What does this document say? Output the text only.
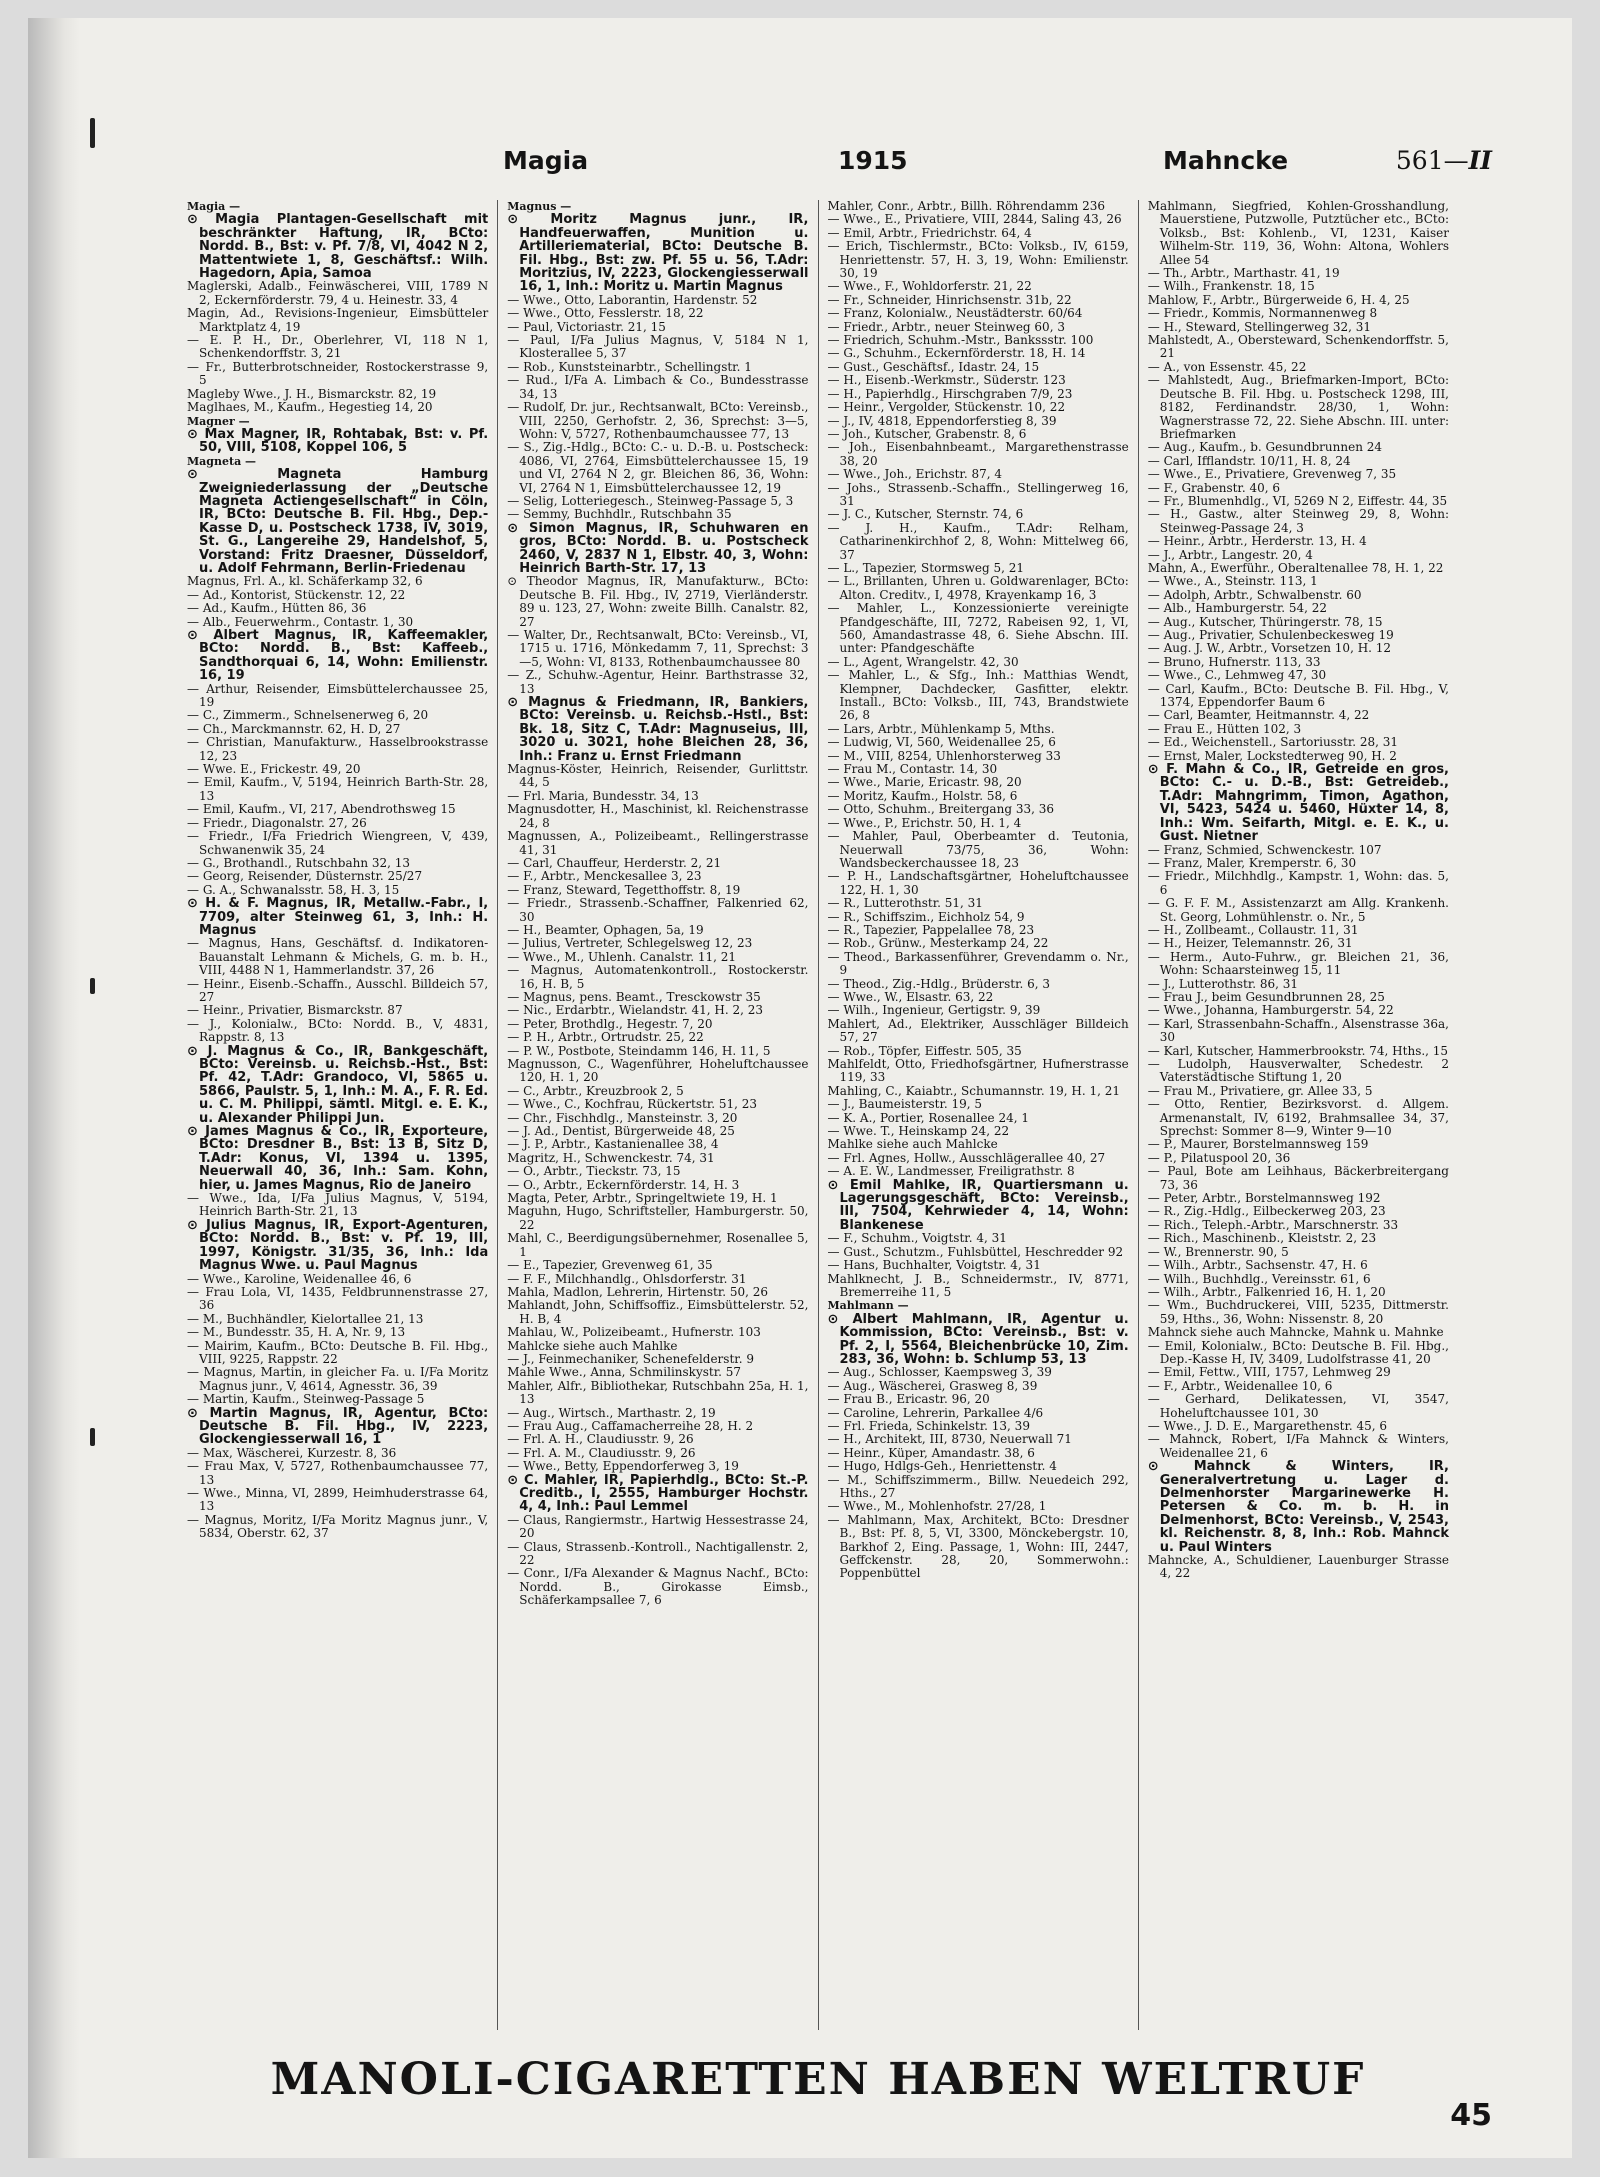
Magia	1915	Mahncke	561—II

Magia —

⊙ Magia Plantagen-Gesellschaft mit beschränkter Haftung, IR, BCto: Nordd. B., Bst: v. Pf. 7/8, VI, 4042 N 2, Mattentwiete 1, 8, Geschäftsf.: Wilh. Hagedorn, Apia, Samoa

Maglerski, Adalb., Feinwäscherei, VIII, 1789 N 2, Eckernförderstr. 79, 4 u. Heinestr. 33, 4

Magin, Ad., Revisions-Ingenieur, Eimsbütteler Marktplatz 4, 19

— E. P. H., Dr., Oberlehrer, VI, 118 N 1, Schenkendorffstr. 3, 21

— Fr., Butterbrotschneider, Rostockerstrasse 9, 5

Magleby Wwe., J. H., Bismarckstr. 82, 19

Maglhaes, M., Kaufm., Hegestieg 14, 20

Magner —

⊙ Max Magner, IR, Rohtabak, Bst: v. Pf. 50, VIII, 5108, Koppel 106, 5

Magneta —

⊙ Magneta Hamburg Zweigniederlassung der „Deutsche Magneta Actiengesellschaft“ in Cöln, IR, BCto: Deutsche B. Fil. Hbg., Dep.-Kasse D, u. Postscheck 1738, IV, 3019, St. G., Langereihe 29, Handelshof, 5, Vorstand: Fritz Draesner, Düsseldorf, u. Adolf Fehrmann, Berlin-Friedenau

Magnus, Frl. A., kl. Schäferkamp 32, 6

— Ad., Kontorist, Stückenstr. 12, 22

— Ad., Kaufm., Hütten 86, 36

— Alb., Feuerwehrm., Contastr. 1, 30

⊙ Albert Magnus, IR, Kaffeemakler, BCto: Nordd. B., Bst: Kaffeeb., Sandthorquai 6, 14, Wohn: Emilienstr. 16, 19

— Arthur, Reisender, Eimsbüttelerchaussee 25, 19

— C., Zimmerm., Schnelsenerweg 6, 20

— Ch., Marckmannstr. 62, H. D, 27

— Christian, Manufakturw., Hasselbrookstrasse 12, 23

— Wwe. E., Frickestr. 49, 20

— Emil, Kaufm., V, 5194, Heinrich Barth-Str. 28, 13

— Emil, Kaufm., VI, 217, Abendrothsweg 15

— Friedr., Diagonalstr. 27, 26

— Friedr., I/Fa Friedrich Wiengreen, V, 439, Schwanenwik 35, 24

— G., Brothandl., Rutschbahn 32, 13

— Georg, Reisender, Düsternstr. 25/27

— G. A., Schwanalsstr. 58, H. 3, 15

⊙ H. & F. Magnus, IR, Metallw.-Fabr., I, 7709, alter Steinweg 61, 3, Inh.: H. Magnus

— Magnus, Hans, Geschäftsf. d. Indikatoren-Bauanstalt Lehmann & Michels, G. m. b. H., VIII, 4488 N 1, Hammerlandstr. 37, 26

— Heinr., Eisenb.-Schaffn., Ausschl. Billdeich 57, 27

— Heinr., Privatier, Bismarckstr. 87

— J., Kolonialw., BCto: Nordd. B., V, 4831, Rappstr. 8, 13

⊙ J. Magnus & Co., IR, Bankgeschäft, BCto: Vereinsb. u. Reichsb.-Hst., Bst: Pf. 42, T.Adr: Grandoco, VI, 5865 u. 5866, Paulstr. 5, 1, Inh.: M. A., F. R. Ed. u. C. M. Philippi, sämtl. Mitgl. e. E. K., u. Alexander Philippi Jun.

⊙ James Magnus & Co., IR, Exporteure, BCto: Dresdner B., Bst: 13 B, Sitz D, T.Adr: Konus, VI, 1394 u. 1395, Neuerwall 40, 36, Inh.: Sam. Kohn, hier, u. James Magnus, Rio de Janeiro

— Wwe., Ida, I/Fa Julius Magnus, V, 5194, Heinrich Barth-Str. 21, 13

⊙ Julius Magnus, IR, Export-Agenturen, BCto: Nordd. B., Bst: v. Pf. 19, III, 1997, Königstr. 31/35, 36, Inh.: Ida Magnus Wwe. u. Paul Magnus

— Wwe., Karoline, Weidenallee 46, 6

— Frau Lola, VI, 1435, Feldbrunnenstrasse 27, 36

— M., Buchhändler, Kielortallee 21, 13

— M., Bundesstr. 35, H. A, Nr. 9, 13

— Mairim, Kaufm., BCto: Deutsche B. Fil. Hbg., VIII, 9225, Rappstr. 22

— Magnus, Martin, in gleicher Fa. u. I/Fa Moritz Magnus junr., V, 4614, Agnesstr. 36, 39

— Martin, Kaufm., Steinweg-Passage 5

⊙ Martin Magnus, IR, Agentur, BCto: Deutsche B. Fil. Hbg., IV, 2223, Glockengiesserwall 16, 1

— Max, Wäscherei, Kurzestr. 8, 36

— Frau Max, V, 5727, Rothenbaumchaussee 77, 13

— Wwe., Minna, VI, 2899, Heimhuderstrasse 64, 13

— Magnus, Moritz, I/Fa Moritz Magnus junr., V, 5834, Oberstr. 62, 37

Magnus —

⊙ Moritz Magnus junr., IR, Handfeuerwaffen, Munition u. Artilleriematerial, BCto: Deutsche B. Fil. Hbg., Bst: zw. Pf. 55 u. 56, T.Adr: Moritzius, IV, 2223, Glockengiesserwall 16, 1, Inh.: Moritz u. Martin Magnus

— Wwe., Otto, Laborantin, Hardenstr. 52

— Wwe., Otto, Fesslerstr. 18, 22

— Paul, Victoriastr. 21, 15

— Paul, I/Fa Julius Magnus, V, 5184 N 1, Klosterallee 5, 37

— Rob., Kunststeinarbtr., Schellingstr. 1

— Rud., I/Fa A. Limbach & Co., Bundesstrasse 34, 13

— Rudolf, Dr. jur., Rechtsanwalt, BCto: Vereinsb., VIII, 2250, Gerhofstr. 2, 36, Sprechst: 3—5, Wohn: V, 5727, Rothenbaumchaussee 77, 13

— S., Zig.-Hdlg., BCto: C.- u. D.-B. u. Postscheck: 4086, VI, 2764, Eimsbüttelerchaussee 15, 19 und VI, 2764 N 2, gr. Bleichen 86, 36, Wohn: VI, 2764 N 1, Eimsbüttelerchaussee 12, 19

— Selig, Lotteriegesch., Steinweg-Passage 5, 3

— Semmy, Buchhdlr., Rutschbahn 35

⊙ Simon Magnus, IR, Schuhwaren en gros, BCto: Nordd. B. u. Postscheck 2460, V, 2837 N 1, Elbstr. 40, 3, Wohn: Heinrich Barth-Str. 17, 13

⊙ Theodor Magnus, IR, Manufakturw., BCto: Deutsche B. Fil. Hbg., IV, 2719, Vierländerstr. 89 u. 123, 27, Wohn: zweite Billh. Canalstr. 82, 27

— Walter, Dr., Rechtsanwalt, BCto: Vereinsb., VI, 1715 u. 1716, Mönkedamm 7, 11, Sprechst: 3—5, Wohn: VI, 8133, Rothenbaumchaussee 80

— Z., Schuhw.-Agentur, Heinr. Barthstrasse 32, 13

⊙ Magnus & Friedmann, IR, Bankiers, BCto: Vereinsb. u. Reichsb.-Hstl., Bst: Bk. 18, Sitz C, T.Adr: Magnuseius, III, 3020 u. 3021, hohe Bleichen 28, 36, Inh.: Franz u. Ernst Friedmann

Magnus-Köster, Heinrich, Reisender, Gurlittstr. 44, 5

— Frl. Maria, Bundesstr. 34, 13

Magnusdotter, H., Maschinist, kl. Reichenstrasse 24, 8

Magnussen, A., Polizeibeamt., Rellingerstrasse 41, 31

— Carl, Chauffeur, Herderstr. 2, 21

— F., Arbtr., Menckesallee 3, 23

— Franz, Steward, Tegetthoffstr. 8, 19

— Friedr., Strassenb.-Schaffner, Falkenried 62, 30

— H., Beamter, Ophagen, 5a, 19

— Julius, Vertreter, Schlegelsweg 12, 23

— Wwe., M., Uhlenh. Canalstr. 11, 21

— Magnus, Automatenkontroll., Rostockerstr. 16, H. B, 5

— Magnus, pens. Beamt., Tresckowstr 35

— Nic., Erdarbtr., Wielandstr. 41, H. 2, 23

— Peter, Brothdlg., Hegestr. 7, 20

— P. H., Arbtr., Ortrudstr. 25, 22

— P. W., Postbote, Steindamm 146, H. 11, 5

Magnusson, C., Wagenführer, Hoheluftchaussee 120, H. 1, 20

— C., Arbtr., Kreuzbrook 2, 5

— Wwe., C., Kochfrau, Rückertstr. 51, 23

— Chr., Fischhdlg., Mansteinstr. 3, 20

— J. Ad., Dentist, Bürgerweide 48, 25

— J. P., Arbtr., Kastanienallee 38, 4

Magritz, H., Schwenckestr. 74, 31

— O., Arbtr., Tieckstr. 73, 15

— O., Arbtr., Eckernförderstr. 14, H. 3

Magta, Peter, Arbtr., Springeltwiete 19, H. 1

Maguhn, Hugo, Schriftsteller, Hamburgerstr. 50, 22

Mahl, C., Beerdigungsübernehmer, Rosenallee 5, 1

— E., Tapezier, Grevenweg 61, 35

— F. F., Milchhandlg., Ohlsdorferstr. 31

Mahla, Madlon, Lehrerin, Hirtenstr. 50, 26

Mahlandt, John, Schiffsoffiz., Eimsbüttelerstr. 52, H. B, 4

Mahlau, W., Polizeibeamt., Hufnerstr. 103

Mahlcke siehe auch Mahlke

— J., Feinmechaniker, Schenefelderstr. 9

Mahle Wwe., Anna, Schmilinskystr. 57

Mahler, Alfr., Bibliothekar, Rutschbahn 25a, H. 1, 13

— Aug., Wirtsch., Marthastr. 2, 19

— Frau Aug., Caffamacherreihe 28, H. 2

— Frl. A. H., Claudiusstr. 9, 26

— Frl. A. M., Claudiusstr. 9, 26

— Wwe., Betty, Eppendorferweg 3, 19

⊙ C. Mahler, IR, Papierhdlg., BCto: St.-P. Creditb., I, 2555, Hamburger Hochstr. 4, 4, Inh.: Paul Lemmel

— Claus, Rangiermstr., Hartwig Hessestrasse 24, 20

— Claus, Strassenb.-Kontroll., Nachtigallenstr. 2, 22

— Conr., I/Fa Alexander & Magnus Nachf., BCto: Nordd. B., Girokasse Eimsb., Schäferkampsallee 7, 6

Mahler, Conr., Arbtr., Billh. Röhrendamm 236

— Wwe., E., Privatiere, VIII, 2844, Saling 43, 26

— Emil, Arbtr., Friedrichstr. 64, 4

— Erich, Tischlermstr., BCto: Volksb., IV, 6159, Henriettenstr. 57, H. 3, 19, Wohn: Emilienstr. 30, 19

— Wwe., F., Wohldorferstr. 21, 22

— Fr., Schneider, Hinrichsenstr. 31b, 22

— Franz, Kolonialw., Neustädterstr. 60/64

— Friedr., Arbtr., neuer Steinweg 60, 3

— Friedrich, Schuhm.-Mstr., Bankssstr. 100

— G., Schuhm., Eckernförderstr. 18, H. 14

— Gust., Geschäftsf., Idastr. 24, 15

— H., Eisenb.-Werkmstr., Süderstr. 123

— H., Papierhdlg., Hirschgraben 7/9, 23

— Heinr., Vergolder, Stückenstr. 10, 22

— J., IV, 4818, Eppendorferstieg 8, 39

— Joh., Kutscher, Grabenstr. 8, 6

— Joh., Eisenbahnbeamt., Margarethenstrasse 38, 20

— Wwe., Joh., Erichstr. 87, 4

— Johs., Strassenb.-Schaffn., Stellingerweg 16, 31

— J. C., Kutscher, Sternstr. 74, 6

— J. H., Kaufm., T.Adr: Relham, Catharinenkirchhof 2, 8, Wohn: Mittelweg 66, 37

— L., Tapezier, Stormsweg 5, 21

— L., Brillanten, Uhren u. Goldwarenlager, BCto: Alton. Creditv., I, 4978, Krayenkamp 16, 3

— Mahler, L., Konzessionierte vereinigte Pfandgeschäfte, III, 7272, Rabeisen 92, 1, VI, 560, Amandastrasse 48, 6. Siehe Abschn. III. unter: Pfandgeschäfte

— L., Agent, Wrangelstr. 42, 30

— Mahler, L., & Sfg., Inh.: Matthias Wendt, Klempner, Dachdecker, Gasfitter, elektr. Install., BCto: Volksb., III, 743, Brandstwiete 26, 8

— Lars, Arbtr., Mühlenkamp 5, Mths.

— Ludwig, VI, 560, Weidenallee 25, 6

— M., VIII, 8254, Uhlenhorsterweg 33

— Frau M., Contastr. 14, 30

— Wwe., Marie, Ericastr. 98, 20

— Moritz, Kaufm., Holstr. 58, 6

— Otto, Schuhm., Breitergang 33, 36

— Wwe., P., Erichstr. 50, H. 1, 4

— Mahler, Paul, Oberbeamter d. Teutonia, Neuerwall 73/75, 36, Wohn: Wandsbeckerchaussee 18, 23

— P. H., Landschaftsgärtner, Hoheluftchaussee 122, H. 1, 30

— R., Lutterothstr. 51, 31

— R., Schiffszim., Eichholz 54, 9

— R., Tapezier, Pappelallee 78, 23

— Rob., Grünw., Mesterkamp 24, 22

— Theod., Barkassenführer, Grevendamm o. Nr., 9

— Theod., Zig.-Hdlg., Brüderstr. 6, 3

— Wwe., W., Elsastr. 63, 22

— Wilh., Ingenieur, Gertigstr. 9, 39

Mahlert, Ad., Elektriker, Ausschläger Billdeich 57, 27

— Rob., Töpfer, Eiffestr. 505, 35

Mahlfeldt, Otto, Friedhofsgärtner, Hufnerstrasse 119, 33

Mahling, C., Kaiabtr., Schumannstr. 19, H. 1, 21

— J., Baumeisterstr. 19, 5

— K. A., Portier, Rosenallee 24, 1

— Wwe. T., Heinskamp 24, 22

Mahlke siehe auch Mahlcke

— Frl. Agnes, Hollw., Ausschlägerallee 40, 27

— A. E. W., Landmesser, Freiligrathstr. 8

⊙ Emil Mahlke, IR, Quartiersmann u. Lagerungsgeschäft, BCto: Vereinsb., III, 7504, Kehrwieder 4, 14, Wohn: Blankenese

— F., Schuhm., Voigtstr. 4, 31

— Gust., Schutzm., Fuhlsbüttel, Heschredder 92

— Hans, Buchhalter, Voigtstr. 4, 31

Mahlknecht, J. B., Schneidermstr., IV, 8771, Bremerreihe 11, 5

Mahlmann —

⊙ Albert Mahlmann, IR, Agentur u. Kommission, BCto: Vereinsb., Bst: v. Pf. 2, I, 5564, Bleichenbrücke 10, Zim. 283, 36, Wohn: b. Schlump 53, 13

— Aug., Schlosser, Kaempsweg 3, 39

— Aug., Wäscherei, Grasweg 8, 39

— Frau B., Ericastr. 96, 20

— Caroline, Lehrerin, Parkallee 4/6

— Frl. Frieda, Schinkelstr. 13, 39

— H., Architekt, III, 8730, Neuerwall 71

— Heinr., Küper, Amandastr. 38, 6

— Hugo, Hdlgs-Geh., Henriettenstr. 4

— M., Schiffszimmerm., Billw. Neuedeich 292, Hths., 27

— Wwe., M., Mohlenhofstr. 27/28, 1

— Mahlmann, Max, Architekt, BCto: Dresdner B., Bst: Pf. 8, 5, VI, 3300, Mönckebergstr. 10, Barkhof 2, Eing. Passage, 1, Wohn: III, 2447, Geffckenstr. 28, 20, Sommerwohn.: Poppenbüttel

Mahlmann, Siegfried, Kohlen-Grosshandlung, Mauerstiene, Putzwolle, Putztücher etc., BCto: Volksb., Bst: Kohlenb., VI, 1231, Kaiser Wilhelm-Str. 119, 36, Wohn: Altona, Wohlers Allee 54

— Th., Arbtr., Marthastr. 41, 19

— Wilh., Frankenstr. 18, 15

Mahlow, F., Arbtr., Bürgerweide 6, H. 4, 25

— Friedr., Kommis, Normannenweg 8

— H., Steward, Stellingerweg 32, 31

Mahlstedt, A., Obersteward, Schenkendorffstr. 5, 21

— A., von Essenstr. 45, 22

— Mahlstedt, Aug., Briefmarken-Import, BCto: Deutsche B. Fil. Hbg. u. Postscheck 1298, III, 8182, Ferdinandstr. 28/30, 1, Wohn: Wagnerstrasse 72, 22. Siehe Abschn. III. unter: Briefmarken

— Aug., Kaufm., b. Gesundbrunnen 24

— Carl, Ifflandstr. 10/11, H. 8, 24

— Wwe., E., Privatiere, Grevenweg 7, 35

— F., Grabenstr. 40, 6

— Fr., Blumenhdlg., VI, 5269 N 2, Eiffestr. 44, 35

— H., Gastw., alter Steinweg 29, 8, Wohn: Steinweg-Passage 24, 3

— Heinr., Arbtr., Herderstr. 13, H. 4

— J., Arbtr., Langestr. 20, 4

Mahn, A., Ewerführ., Oberaltenallee 78, H. 1, 22

— Wwe., A., Steinstr. 113, 1

— Adolph, Arbtr., Schwalbenstr. 60

— Alb., Hamburgerstr. 54, 22

— Aug., Kutscher, Thüringerstr. 78, 15

— Aug., Privatier, Schulenbeckesweg 19

— Aug. J. W., Arbtr., Vorsetzen 10, H. 12

— Bruno, Hufnerstr. 113, 33

— Wwe., C., Lehmweg 47, 30

— Carl, Kaufm., BCto: Deutsche B. Fil. Hbg., V, 1374, Eppendorfer Baum 6

— Carl, Beamter, Heitmannstr. 4, 22

— Frau E., Hütten 102, 3

— Ed., Weichenstell., Sartoriusstr. 28, 31

— Ernst, Maler, Lockstedterweg 90, H. 2

⊙ F. Mahn & Co., IR, Getreide en gros, BCto: C.- u. D.-B., Bst: Getreideb., T.Adr: Mahngrimm, Timon, Agathon, VI, 5423, 5424 u. 5460, Hüxter 14, 8, Inh.: Wm. Seifarth, Mitgl. e. E. K., u. Gust. Nietner

— Franz, Schmied, Schwenckestr. 107

— Franz, Maler, Kremperstr. 6, 30

— Friedr., Milchhdlg., Kampstr. 1, Wohn: das. 5, 6

— G. F. F. M., Assistenzarzt am Allg. Krankenh. St. Georg, Lohmühlenstr. o. Nr., 5

— H., Zollbeamt., Collaustr. 11, 31

— H., Heizer, Telemannstr. 26, 31

— Herm., Auto-Fuhrw., gr. Bleichen 21, 36, Wohn: Schaarsteinweg 15, 11

— J., Lutterothstr. 86, 31

— Frau J., beim Gesundbrunnen 28, 25

— Wwe., Johanna, Hamburgerstr. 54, 22

— Karl, Strassenbahn-Schaffn., Alsenstrasse 36a, 30

— Karl, Kutscher, Hammerbrookstr. 74, Hths., 15

— Ludolph, Hausverwalter, Schedestr. 2 Vaterstädtische Stiftung 1, 20

— Frau M., Privatiere, gr. Allee 33, 5

— Otto, Rentier, Bezirksvorst. d. Allgem. Armenanstalt, IV, 6192, Brahmsallee 34, 37, Sprechst: Sommer 8—9, Winter 9—10

— P., Maurer, Borstelmannsweg 159

— P., Pilatuspool 20, 36

— Paul, Bote am Leihhaus, Bäckerbreitergang 73, 36

— Peter, Arbtr., Borstelmannsweg 192

— R., Zig.-Hdlg., Eilbeckerweg 203, 23

— Rich., Teleph.-Arbtr., Marschnerstr. 33

— Rich., Maschinenb., Kleiststr. 2, 23

— W., Brennerstr. 90, 5

— Wilh., Arbtr., Sachsenstr. 47, H. 6

— Wilh., Buchhdlg., Vereinsstr. 61, 6

— Wilh., Arbtr., Falkenried 16, H. 1, 20

— Wm., Buchdruckerei, VIII, 5235, Dittmerstr. 59, Hths., 36, Wohn: Nissenstr. 8, 20

Mahnck siehe auch Mahncke, Mahnk u. Mahnke

— Emil, Kolonialw., BCto: Deutsche B. Fil. Hbg., Dep.-Kasse H, IV, 3409, Ludolfstrasse 41, 20

— Emil, Fettw., VIII, 1757, Lehmweg 29

— F., Arbtr., Weidenallee 10, 6

— Gerhard, Delikatessen, VI, 3547, Hoheluftchaussee 101, 30

— Wwe., J. D. E., Margarethenstr. 45, 6

— Mahnck, Robert, I/Fa Mahnck & Winters, Weidenallee 21, 6

⊙ Mahnck & Winters, IR, Generalvertretung u. Lager d. Delmenhorster Margarinewerke H. Petersen & Co. m. b. H. in Delmenhorst, BCto: Vereinsb., V, 2543, kl. Reichenstr. 8, 8, Inh.: Rob. Mahnck u. Paul Winters

Mahncke, A., Schuldiener, Lauenburger Strasse 4, 22

MANOLI-CIGARETTEN HABEN WELTRUF
45
